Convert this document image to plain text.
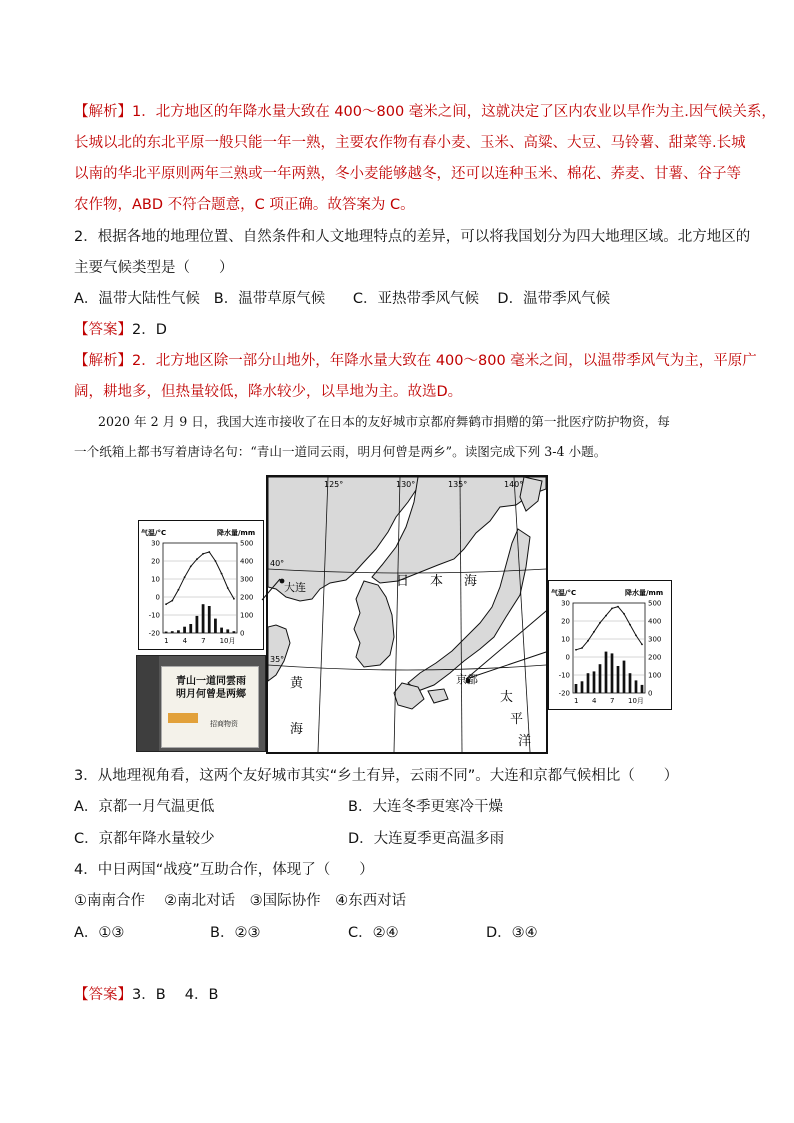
【解析】1．北方地区的年降水量大致在 400～800 毫米之间，这就决定了区内农业以旱作为主.因气候关系，
长城以北的东北平原一般只能一年一熟，主要农作物有春小麦、玉米、高粱、大豆、马铃薯、甜菜等.长城
以南的华北平原则两年三熟或一年两熟，冬小麦能够越冬，还可以连种玉米、棉花、荞麦、甘薯、谷子等
农作物，ABD 不符合题意，C 项正确。故答案为 C。
2．根据各地的地理位置、自然条件和人文地理特点的差异，可以将我国划分为四大地理区域。北方地区的
主要气候类型是（　　）
A．温带大陆性气候 B．温带草原气候 C．亚热带季风气候 D．温带季风气候
【答案】2．D
【解析】2．北方地区除一部分山地外，年降水量大致在 400～800 毫米之间，以温带季风气为主，平原广
阔，耕地多，但热量较低，降水较少，以旱地为主。故选D。
2020 年 2 月 9 日，我国大连市接收了在日本的友好城市京都府舞鹤市捐赠的第一批医疗防护物资，每
一个纸箱上都书写着唐诗名句：“青山一道同云雨，明月何曾是两乡”。读图完成下列 3-4 小题。
气温/°C	降水量/mm
30
20
10
0
-10
-20
500
400
300
200
100
0
1 4 7 10月
青山一道同雲雨
明月何曾是两鄉
招商物资
125°	130°	135°	140°
40°
35°
大连
京都
日 本 海
黄
海
太
平
洋
气温/°C	降水量/mm
30
20
10
0
-10
-20
500
400
300
200
100
0
1 4 7 10月
3．从地理视角看，这两个友好城市其实“乡土有异，云雨不同”。大连和京都气候相比（　　）
A．京都一月气温更低	B．大连冬季更寒冷干燥
C．京都年降水量较少	D．大连夏季更高温多雨
4．中日两国“战疫”互助合作，体现了（　　）
①南南合作　 ②南北对话　③国际协作　④东西对话
A．①③	B．②③	C．②④	D．③④
【答案】3．B　 4．B
